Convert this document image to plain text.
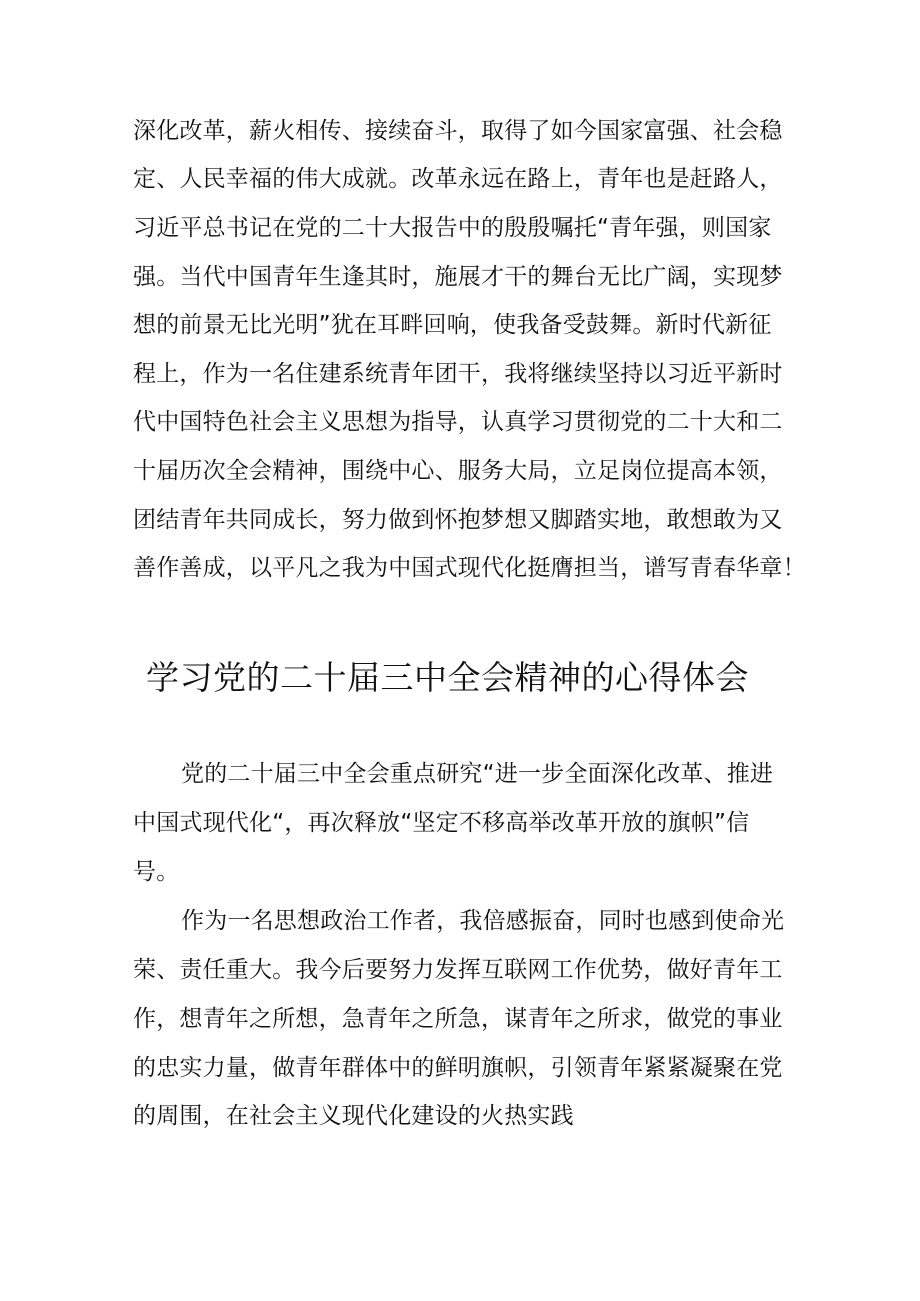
深化改革，薪火相传、接续奋斗，取得了如今国家富强、社会稳
定、人民幸福的伟大成就。改革永远在路上，青年也是赶路人，
习近平总书记在党的二十大报告中的殷殷嘱托“青年强，则国家
强。当代中国青年生逢其时，施展才干的舞台无比广阔，实现梦
想的前景无比光明”犹在耳畔回响，使我备受鼓舞。新时代新征
程上，作为一名住建系统青年团干，我将继续坚持以习近平新时
代中国特色社会主义思想为指导，认真学习贯彻党的二十大和二
十届历次全会精神，围绕中心、服务大局，立足岗位提高本领，
团结青年共同成长，努力做到怀抱梦想又脚踏实地，敢想敢为又
善作善成，以平凡之我为中国式现代化挺膺担当，谱写青春华章！
学习党的二十届三中全会精神的心得体会
党的二十届三中全会重点研究“进一步全面深化改革、推进
中国式现代化“，再次释放“坚定不移高举改革开放的旗帜”信
号。
作为一名思想政治工作者，我倍感振奋，同时也感到使命光
荣、责任重大。我今后要努力发挥互联网工作优势，做好青年工
作，想青年之所想，急青年之所急，谋青年之所求，做党的事业
的忠实力量，做青年群体中的鲜明旗帜，引领青年紧紧凝聚在党
的周围，在社会主义现代化建设的火热实践
